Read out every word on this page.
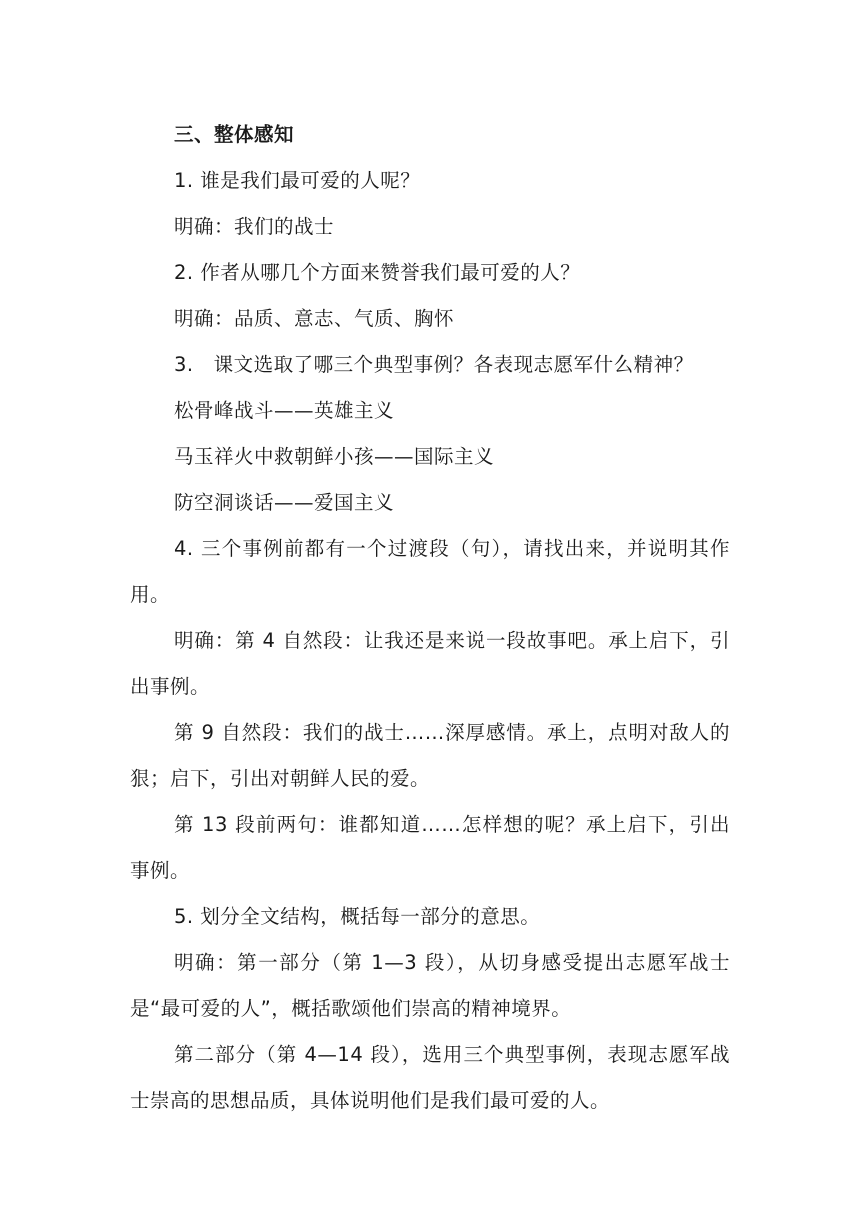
三、整体感知

1. 谁是我们最可爱的人呢？

明确：我们的战士

2. 作者从哪几个方面来赞誉我们最可爱的人？

明确：品质、意志、气质、胸怀

3.　课文选取了哪三个典型事例？各表现志愿军什么精神？

松骨峰战斗——英雄主义

马玉祥火中救朝鲜小孩——国际主义

防空洞谈话——爱国主义

4. 三个事例前都有一个过渡段（句），请找出来，并说明其作用。

明确：第 4 自然段：让我还是来说一段故事吧。承上启下，引出事例。

第 9 自然段：我们的战士……深厚感情。承上，点明对敌人的狠；启下，引出对朝鲜人民的爱。

第 13 段前两句：谁都知道……怎样想的呢？承上启下，引出事例。

5. 划分全文结构，概括每一部分的意思。

明确：第一部分（第 1—3 段），从切身感受提出志愿军战士是“最可爱的人”，概括歌颂他们崇高的精神境界。

第二部分（第 4—14 段），选用三个典型事例，表现志愿军战士崇高的思想品质，具体说明他们是我们最可爱的人。
